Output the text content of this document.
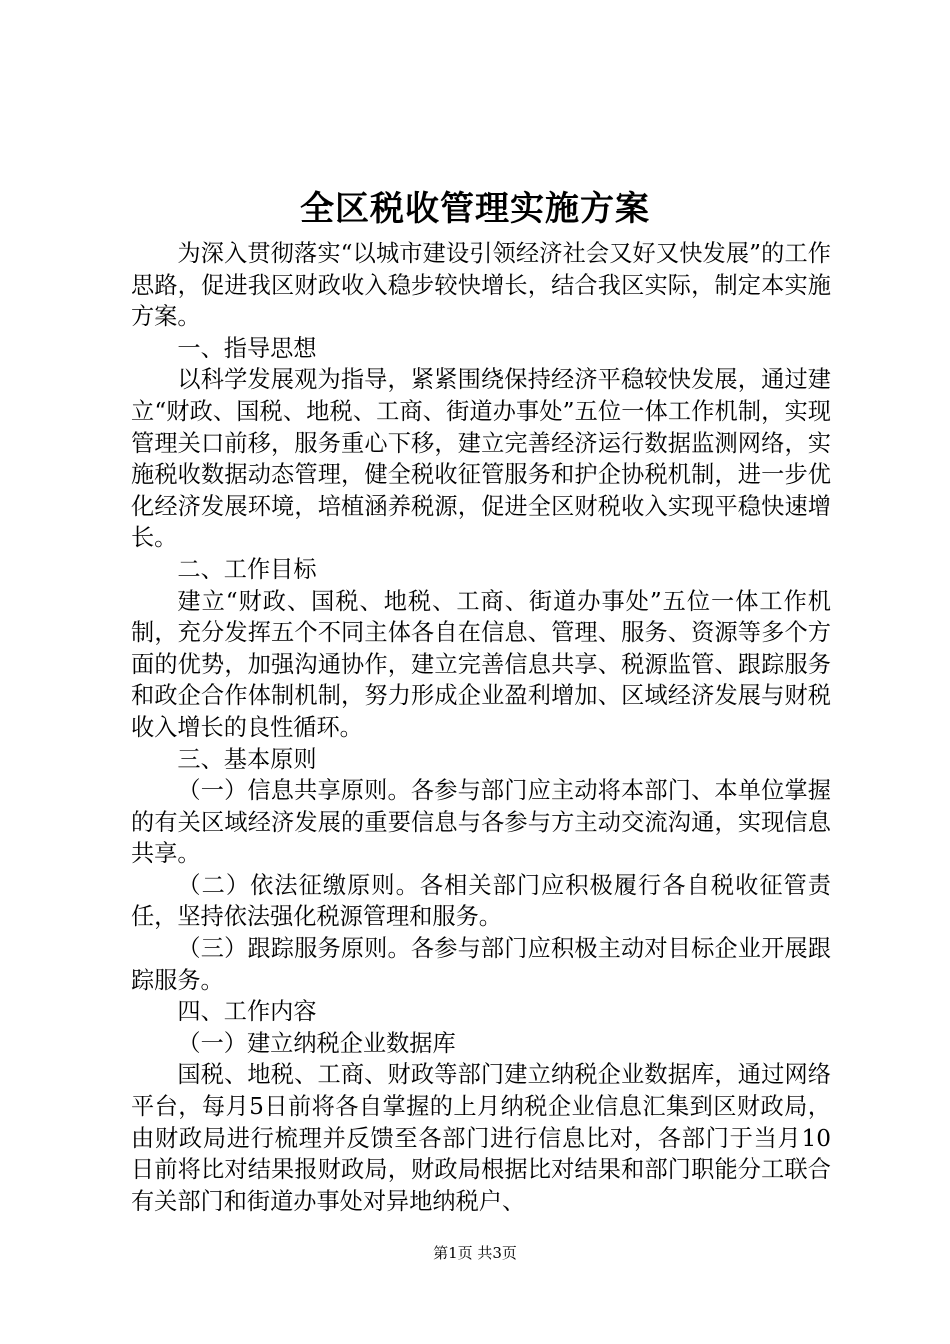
全区税收管理实施方案

为深入贯彻落实“以城市建设引领经济社会又好又快发展”的工作思路，促进我区财政收入稳步较快增长，结合我区实际，制定本实施方案。

一、指导思想

以科学发展观为指导，紧紧围绕保持经济平稳较快发展，通过建立“财政、国税、地税、工商、街道办事处”五位一体工作机制，实现管理关口前移，服务重心下移，建立完善经济运行数据监测网络，实施税收数据动态管理，健全税收征管服务和护企协税机制，进一步优化经济发展环境，培植涵养税源，促进全区财税收入实现平稳快速增长。

二、工作目标

建立“财政、国税、地税、工商、街道办事处”五位一体工作机制，充分发挥五个不同主体各自在信息、管理、服务、资源等多个方面的优势，加强沟通协作，建立完善信息共享、税源监管、跟踪服务和政企合作体制机制，努力形成企业盈利增加、区域经济发展与财税收入增长的良性循环。

三、基本原则

（一）信息共享原则。各参与部门应主动将本部门、本单位掌握的有关区域经济发展的重要信息与各参与方主动交流沟通，实现信息共享。

（二）依法征缴原则。各相关部门应积极履行各自税收征管责任，坚持依法强化税源管理和服务。

（三）跟踪服务原则。各参与部门应积极主动对目标企业开展跟踪服务。

四、工作内容

（一）建立纳税企业数据库

国税、地税、工商、财政等部门建立纳税企业数据库，通过网络平台，每月5日前将各自掌握的上月纳税企业信息汇集到区财政局，由财政局进行梳理并反馈至各部门进行信息比对，各部门于当月10日前将比对结果报财政局，财政局根据比对结果和部门职能分工联合有关部门和街道办事处对异地纳税户、

第1页 共3页
